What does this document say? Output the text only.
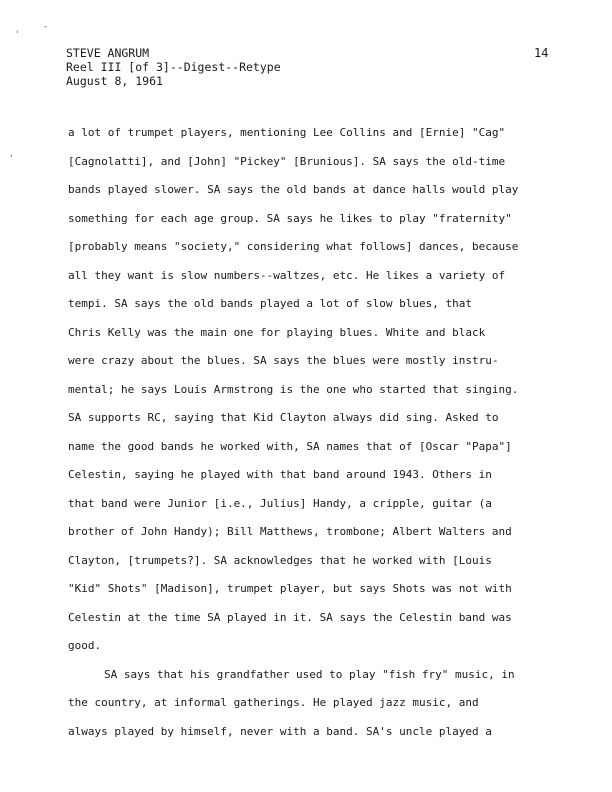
'
-
'
STEVE ANGRUM
Reel III [of 3]--Digest--Retype
August 8, 1961
14
a lot of trumpet players, mentioning Lee Collins and [Ernie] "Cag"
[Cagnolatti], and [John] "Pickey" [Brunious]. SA says the old-time
bands played slower. SA says the old bands at dance halls would play
something for each age group. SA says he likes to play "fraternity"
[probably means "society," considering what follows] dances, because
all they want is slow numbers--waltzes, etc. He likes a variety of
tempi. SA says the old bands played a lot of slow blues, that
Chris Kelly was the main one for playing blues. White and black
were crazy about the blues. SA says the blues were mostly instru-
mental; he says Louis Armstrong is the one who started that singing.
SA supports RC, saying that Kid Clayton always did sing. Asked to
name the good bands he worked with, SA names that of [Oscar "Papa"]
Celestin, saying he played with that band around 1943. Others in
that band were Junior [i.e., Julius] Handy, a cripple, guitar (a
brother of John Handy); Bill Matthews, trombone; Albert Walters and
Clayton, [trumpets?]. SA acknowledges that he worked with [Louis
"Kid" Shots" [Madison], trumpet player, but says Shots was not with
Celestin at the time SA played in it. SA says the Celestin band was
good.
SA says that his grandfather used to play "fish fry" music, in
the country, at informal gatherings. He played jazz music, and
always played by himself, never with a band. SA's uncle played a
